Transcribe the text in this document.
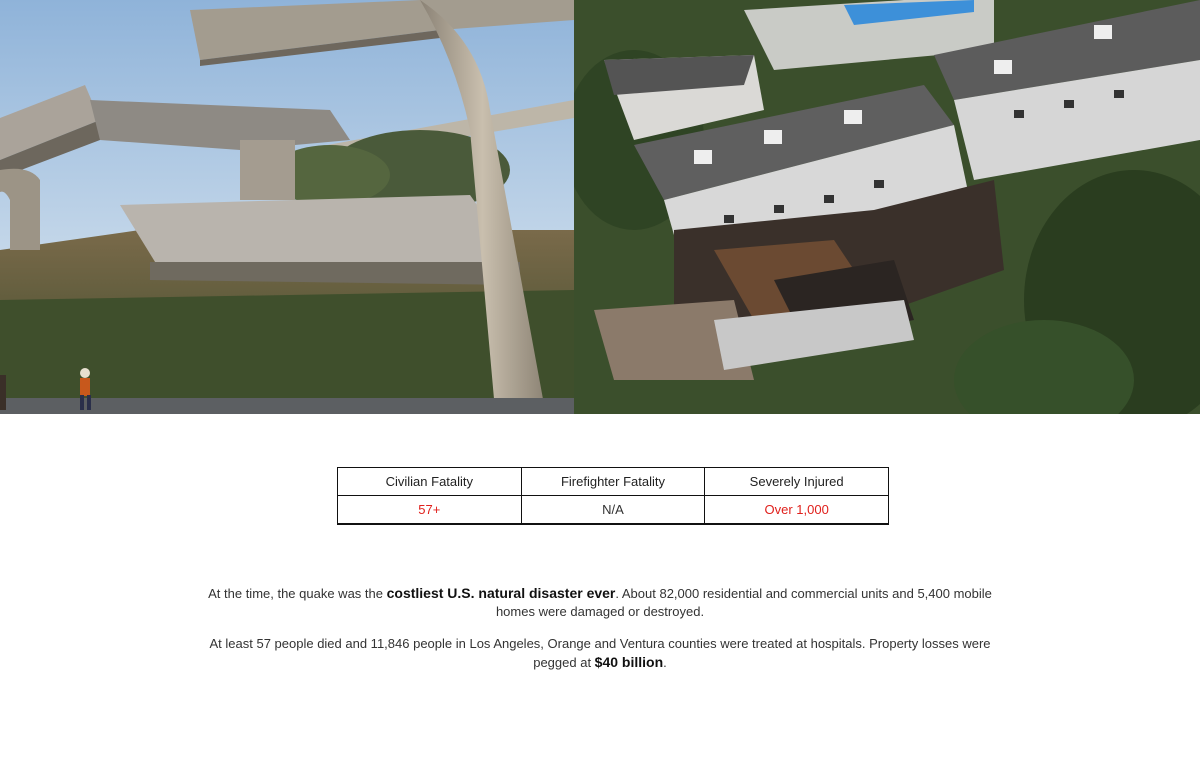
Civilian Fatality	Firefighter Fatality	Severely Injured
57+	N/A	Over 1,000

At the time, the quake was the costliest U.S. natural disaster ever. About 82,000 residential and commercial units and 5,400 mobile homes were damaged or destroyed.

At least 57 people died and 11,846 people in Los Angeles, Orange and Ventura counties were treated at hospitals. Property losses were pegged at $40 billion.
